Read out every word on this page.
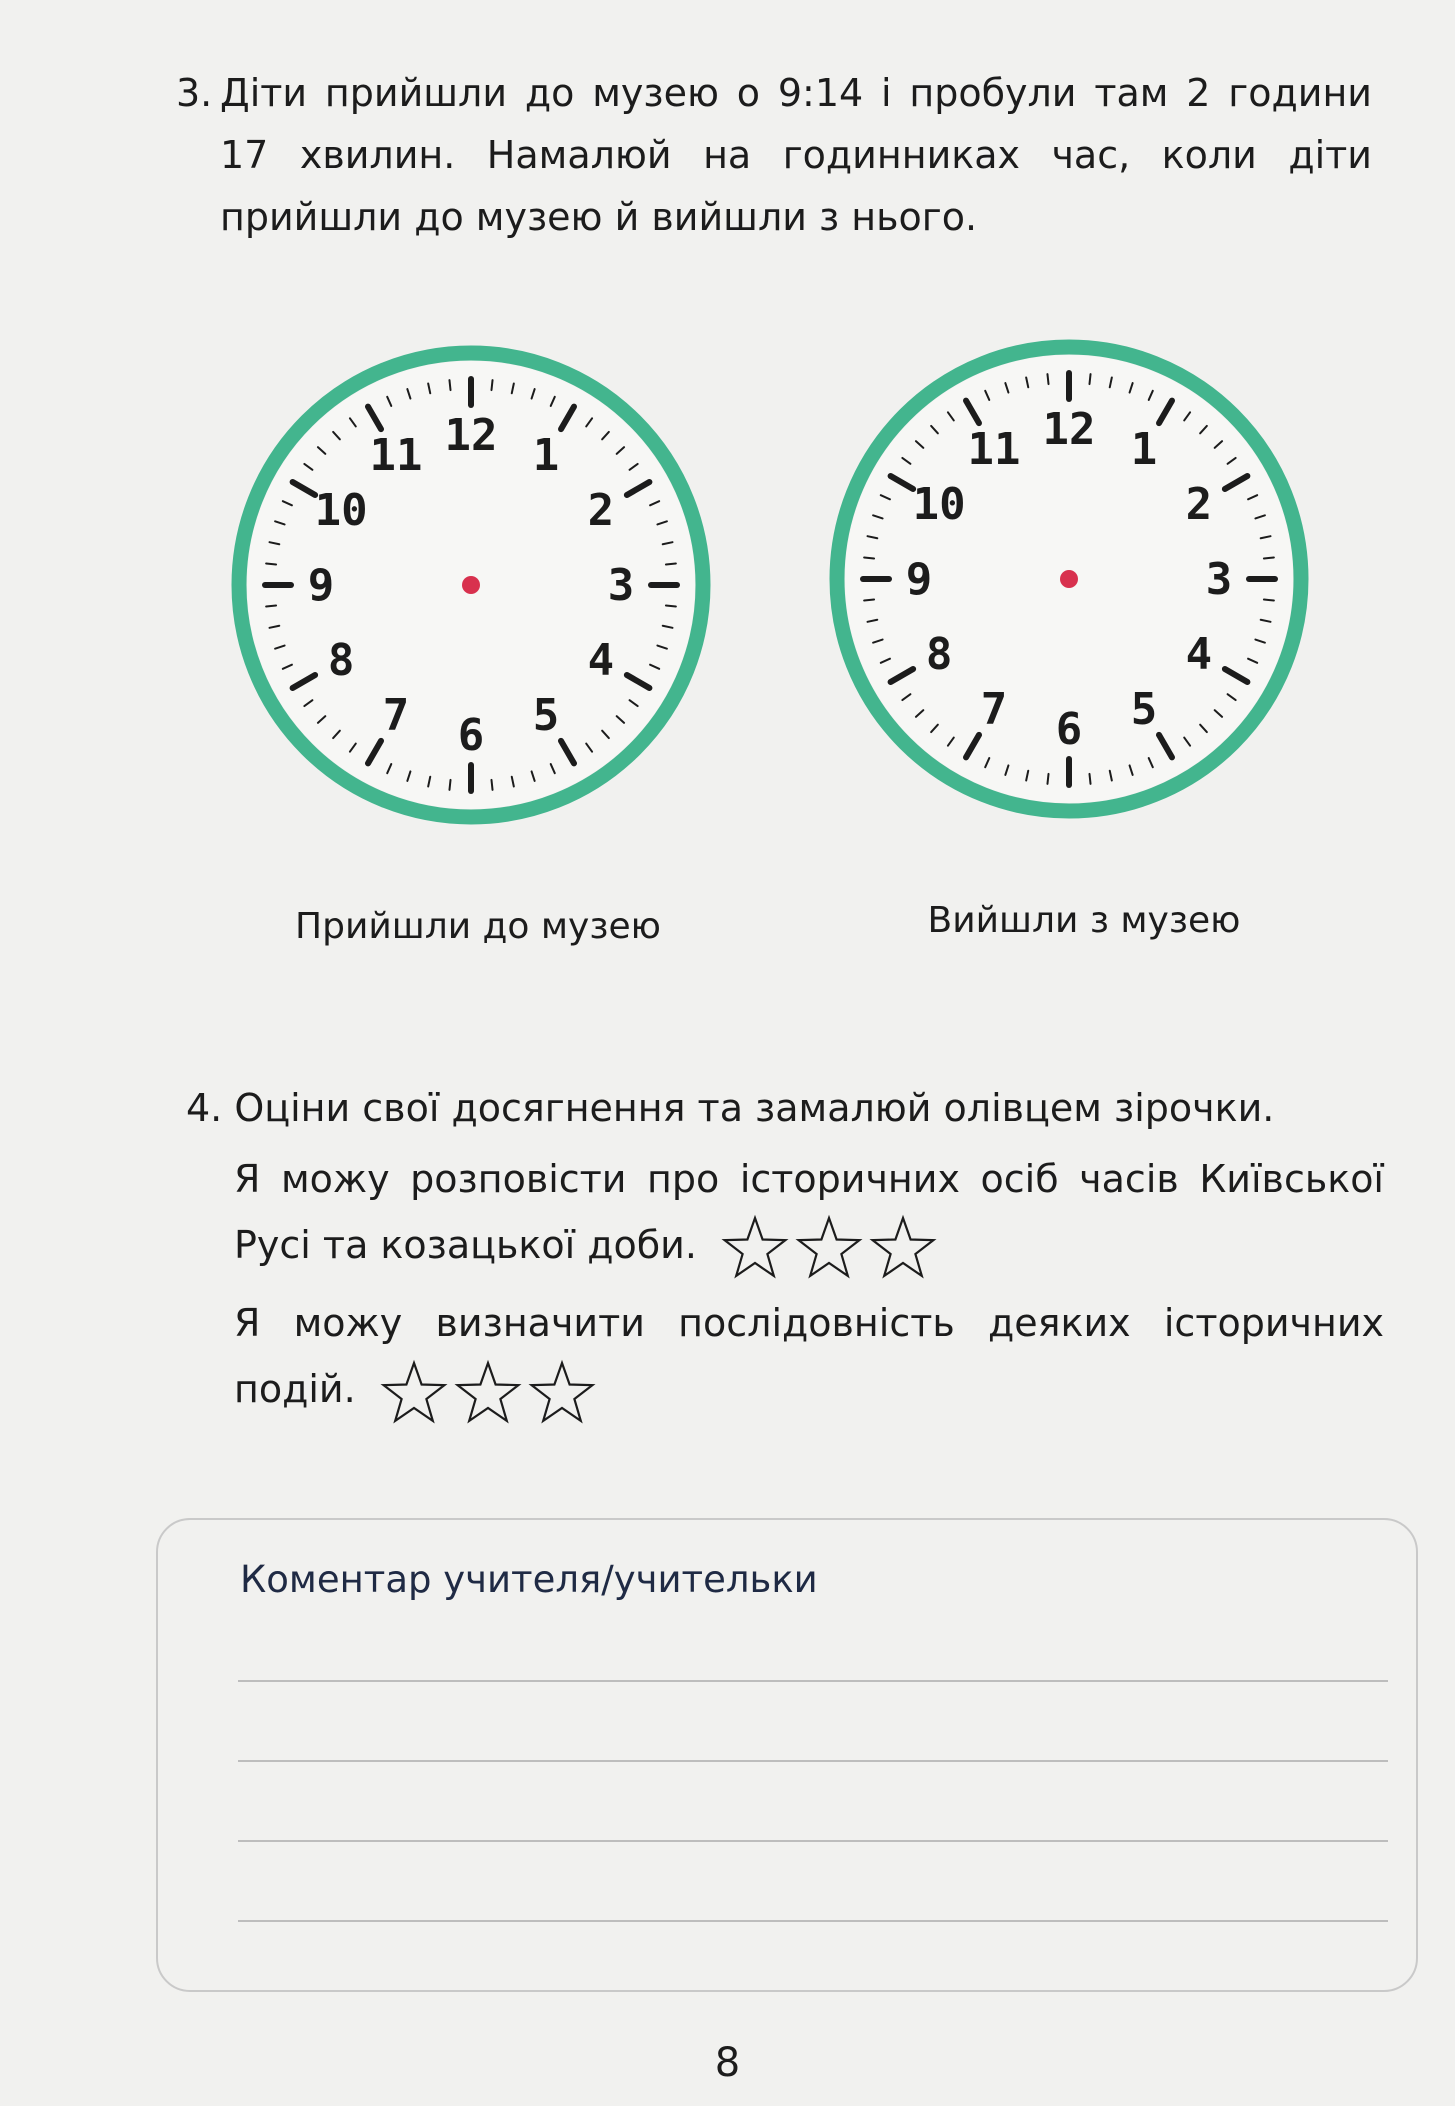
3. Діти прийшли до музею о 9:14 і пробули там 2 години 17 хвилин. Намалюй на годинниках час, коли діти прийшли до музею й вийшли з нього.
12 1
2
3
4
5
6
7
8
9
10
11
12 1
2
3
4
5
6
7
8
9
10
11
Прийшли до музею	Вийшли з музею
4. Оціни свої досягнення та замалюй олівцем зірочки.
Я можу розповісти про історичних осіб часів Київської Русі та козацької доби.
Я можу визначити послідовність деяких історичних подій.
Коментар учителя/учительки
8
